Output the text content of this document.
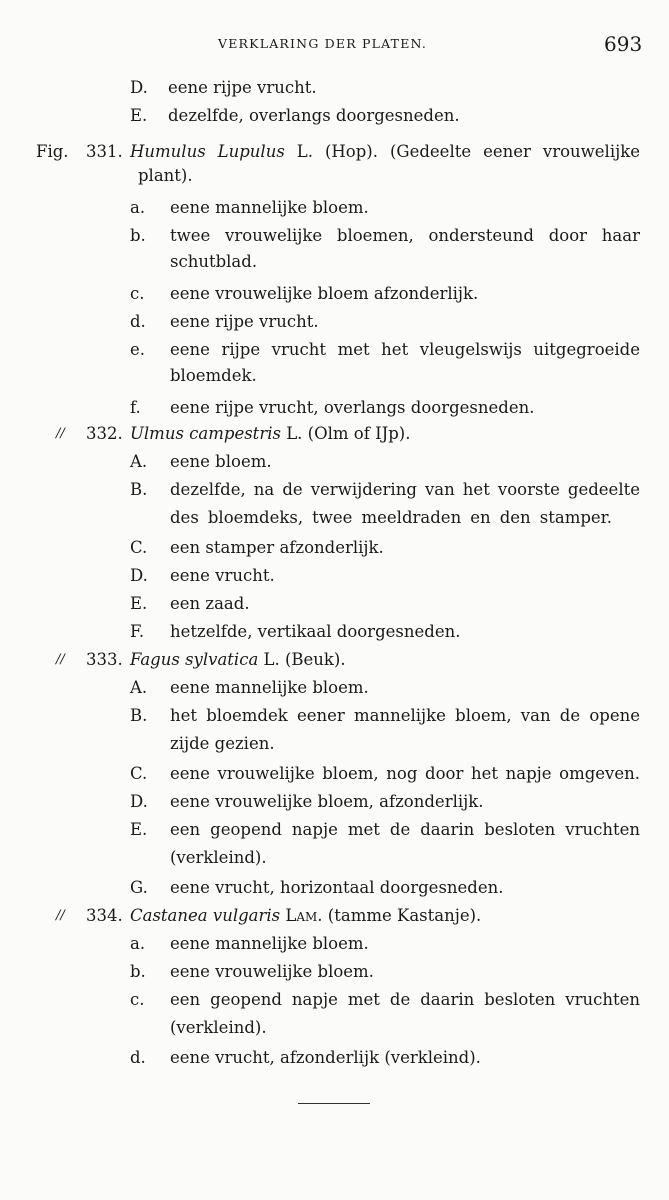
VERKLARING DER PLATEN.	693
D. eene rijpe vrucht.
E. dezelfde, overlangs doorgesneden.
Fig. 331. Humulus Lupulus L. (Hop). (Gedeelte eener vrouwelijke
plant).
a. eene mannelijke bloem.
b. twee vrouwelijke bloemen, ondersteund door haar
schutblad.
c. eene vrouwelijke bloem afzonderlijk.
d. eene rijpe vrucht.
e. eene rijpe vrucht met het vleugelswijs uitgegroeide
bloemdek.
f. eene rijpe vrucht, overlangs doorgesneden.
// 332. Ulmus campestris L. (Olm of IJp).
A. eene bloem.
B. dezelfde, na de verwijdering van het voorste gedeelte
des bloemdeks, twee meeldraden en den stamper.
C. een stamper afzonderlijk.
D. eene vrucht.
E. een zaad.
F. hetzelfde, vertikaal doorgesneden.
// 333. Fagus sylvatica L. (Beuk).
A. eene mannelijke bloem.
B. het bloemdek eener mannelijke bloem, van de opene
zijde gezien.
C. eene vrouwelijke bloem, nog door het napje omgeven.
D. eene vrouwelijke bloem, afzonderlijk.
E. een geopend napje met de daarin besloten vruchten
(verkleind).
G. eene vrucht, horizontaal doorgesneden.
// 334. Castanea vulgaris Lam. (tamme Kastanje).
a. eene mannelijke bloem.
b. eene vrouwelijke bloem.
c. een geopend napje met de daarin besloten vruchten
(verkleind).
d. eene vrucht, afzonderlijk (verkleind).
